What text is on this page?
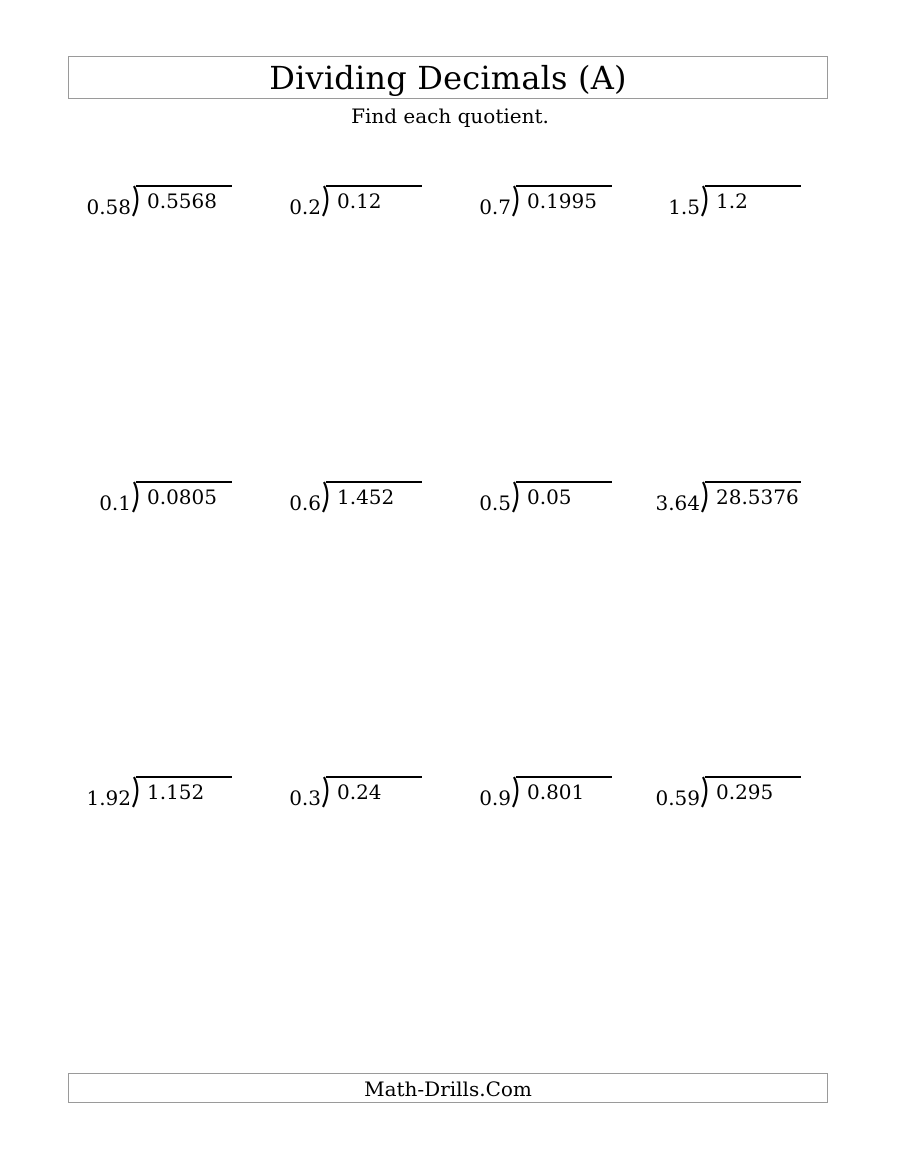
Dividing Decimals (A)
Find each quotient.
0.58 0.5568	0.2 0.12	0.7 0.1995	1.5 1.2
0.1 0.0805	0.6 1.452	0.5 0.05	3.64 28.5376
1.92 1.152	0.3 0.24	0.9 0.801	0.59 0.295
Math-Drills.Com
